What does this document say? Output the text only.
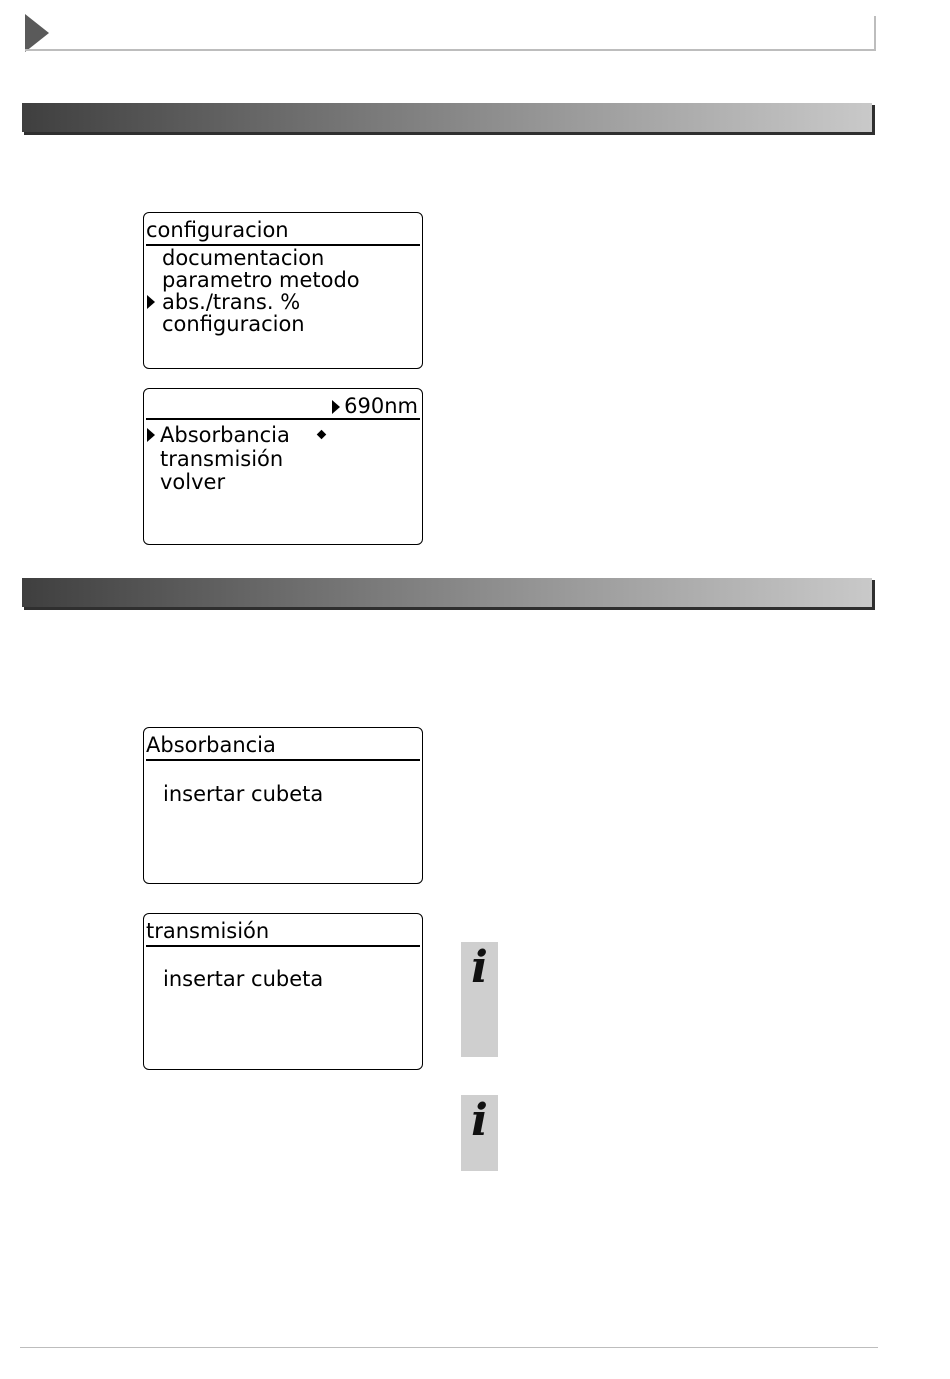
configuracion
documentacion
parametro metodo
abs./trans. %
configuracion
690nm
Absorbancia
transmisión
volver
Absorbancia
insertar cubeta
transmisión
insertar cubeta	i
i
